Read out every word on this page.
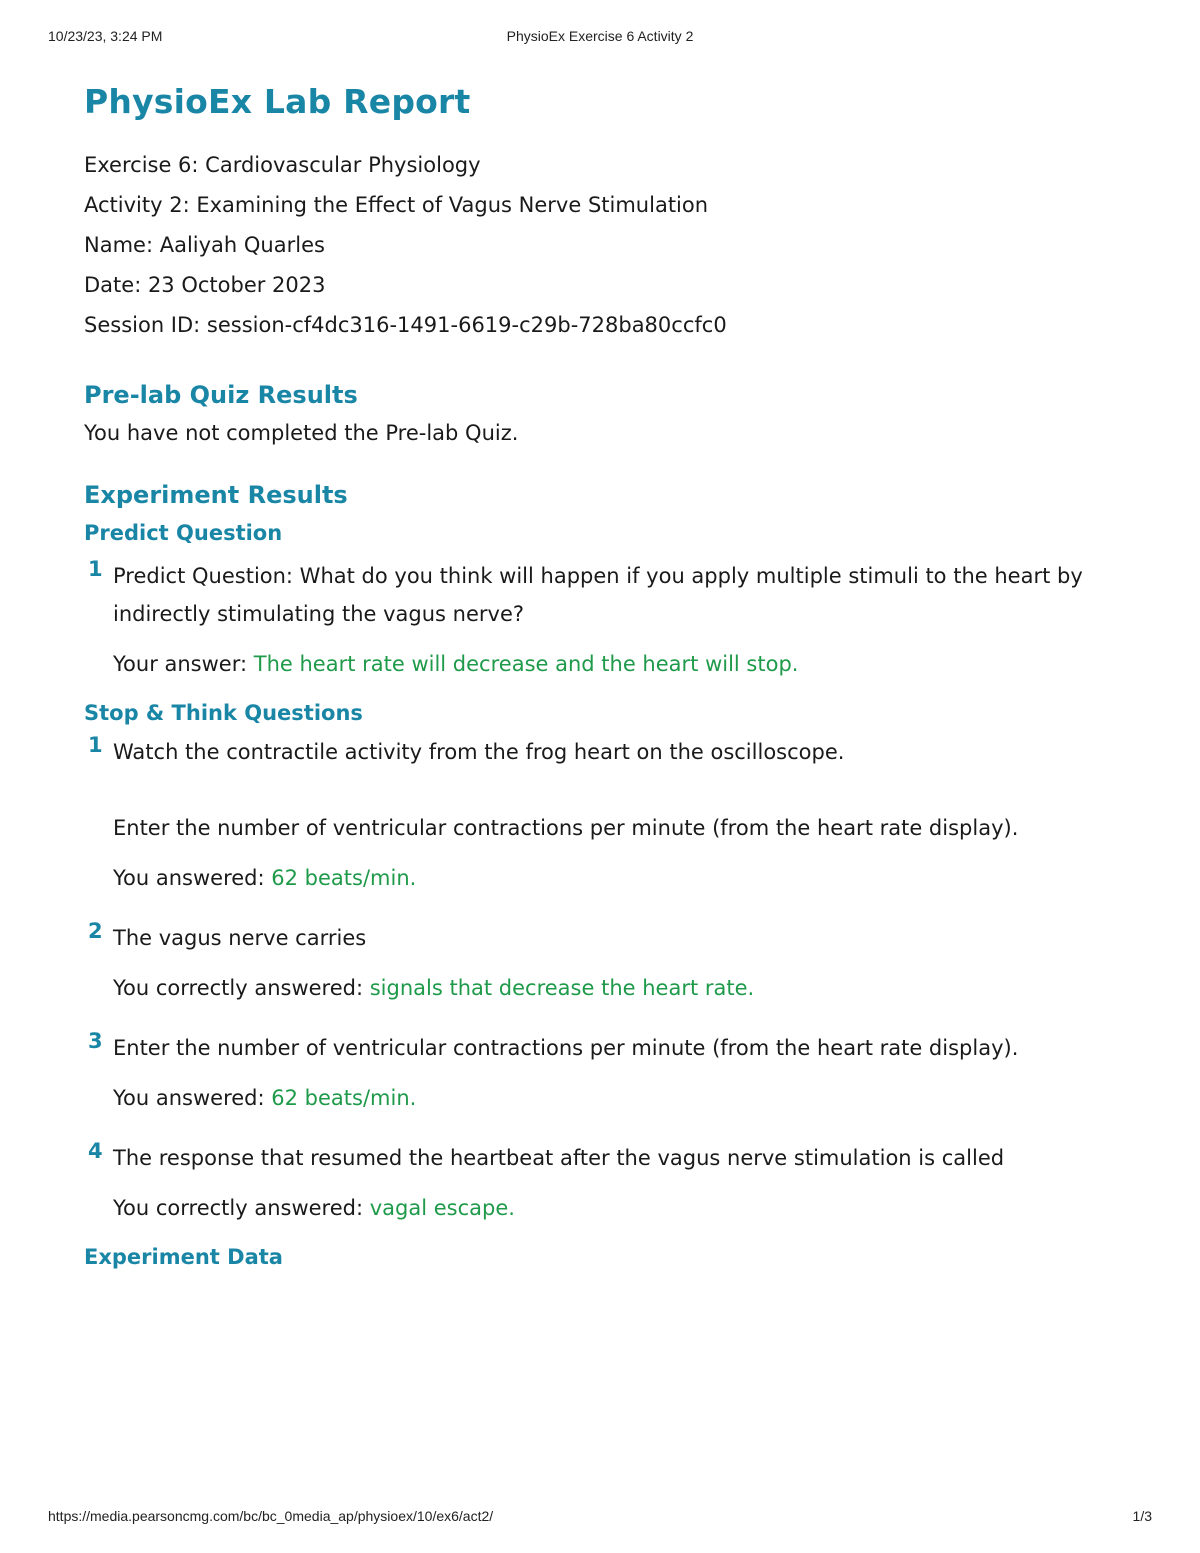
10/23/23, 3:24 PM	PhysioEx Exercise 6 Activity 2
PhysioEx Lab Report

Exercise 6: Cardiovascular Physiology

Activity 2: Examining the Effect of Vagus Nerve Stimulation

Name: Aaliyah Quarles

Date: 23 October 2023

Session ID: session-cf4dc316-1491-6619-c29b-728ba80ccfc0

Pre-lab Quiz Results

You have not completed the Pre-lab Quiz.

Experiment Results
Predict Question
1 Predict Question: What do you think will happen if you apply multiple stimuli to the heart by indirectly stimulating the vagus nerve?

Your answer: The heart rate will decrease and the heart will stop.

Stop & Think Questions
1 Watch the contractile activity from the frog heart on the oscilloscope.

Enter the number of ventricular contractions per minute (from the heart rate display).

You answered: 62 beats/min.

2 The vagus nerve carries

You correctly answered: signals that decrease the heart rate.

3 Enter the number of ventricular contractions per minute (from the heart rate display).

You answered: 62 beats/min.

4 The response that resumed the heartbeat after the vagus nerve stimulation is called

You correctly answered: vagal escape.

Experiment Data
https://media.pearsoncmg.com/bc/bc_0media_ap/physioex/10/ex6/act2/	1/3
